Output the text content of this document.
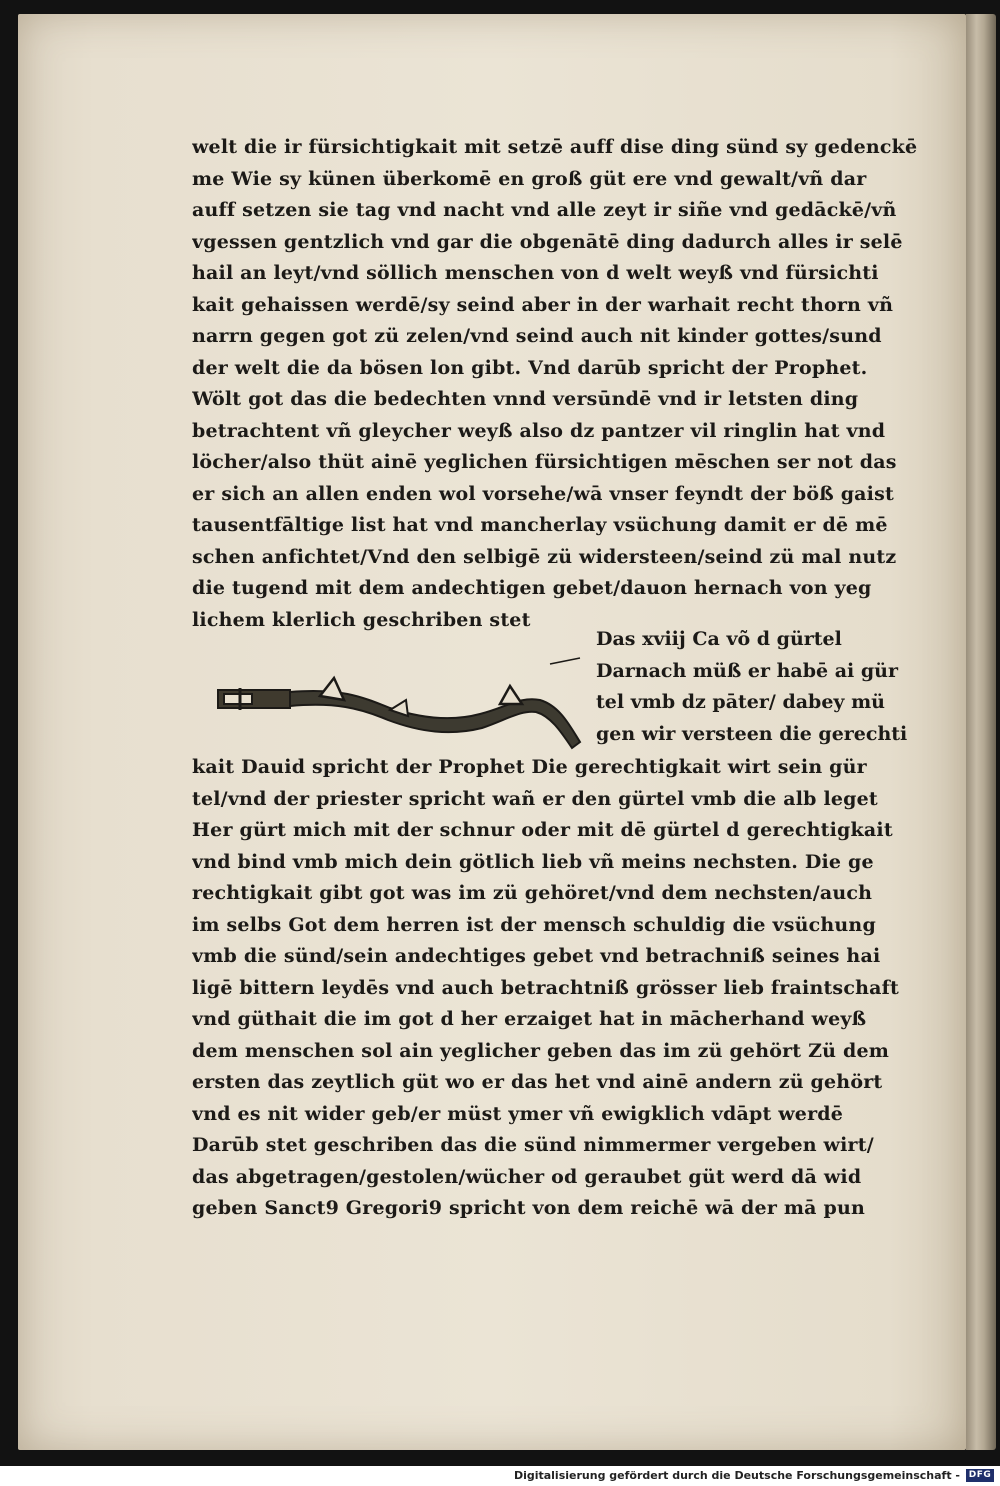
welt die ir fürsichtigkait mit setzē auff dise ding sünd sy gedenckē
me Wie sy künen überkomē en groß güt ere vnd gewalt/vñ dar
auff setzen sie tag vnd nacht vnd alle zeyt ir siñe vnd gedāckē/vñ
vgessen gentzlich vnd gar die obgenātē ding dadurch alles ir selē
hail an leyt/vnd söllich menschen von d welt weyß vnd fürsichti
kait gehaissen werdē/sy seind aber in der warhait recht thorn vñ
narrn gegen got zü zelen/vnd seind auch nit kinder gottes/sund
der welt die da bösen lon gibt. Vnd darūb spricht der Prophet.
Wölt got das die bedechten vnnd versūndē vnd ir letsten ding
betrachtent vñ gleycher weyß also dz pantzer vil ringlin hat vnd
löcher/also thüt ainē yeglichen fürsichtigen mēschen ser not das
er sich an allen enden wol vorsehe/wā vnser feyndt der böß gaist
tausentfāltige list hat vnd mancherlay vsüchung damit er dē mē
schen anfichtet/Vnd den selbigē zü widersteen/seind zü mal nutz
die tugend mit dem andechtigen gebet/dauon hernach von yeg
lichem klerlich geschriben stet
Das xviij Ca võ d gürtel
Darnach müß er habē ai gür
tel vmb dz pāter/ dabey mü
gen wir versteen die gerechti
kait Dauid spricht der Prophet Die gerechtigkait wirt sein gür
tel/vnd der priester spricht wañ er den gürtel vmb die alb leget
Her gürt mich mit der schnur oder mit dē gürtel d gerechtigkait
vnd bind vmb mich dein götlich lieb vñ meins nechsten. Die ge
rechtigkait gibt got was im zü gehöret/vnd dem nechsten/auch
im selbs Got dem herren ist der mensch schuldig die vsüchung
vmb die sünd/sein andechtiges gebet vnd betrachniß seines hai
ligē bittern leydēs vnd auch betrachtniß grösser lieb fraintschaft
vnd güthait die im got d her erzaiget hat in mācherhand weyß
dem menschen sol ain yeglicher geben das im zü gehört Zü dem
ersten das zeytlich güt wo er das het vnd ainē andern zü gehört
vnd es nit wider geb/er müst ymer vñ ewigklich vdāpt werdē
Darūb stet geschriben das die sünd nimmermer vergeben wirt/
das abgetragen/gestolen/wücher od geraubet güt werd dā wid
geben Sanct9 Gregori9 spricht von dem reichē wā der mā pun
Digitalisierung gefördert durch die Deutsche Forschungsgemeinschaft - DFG
